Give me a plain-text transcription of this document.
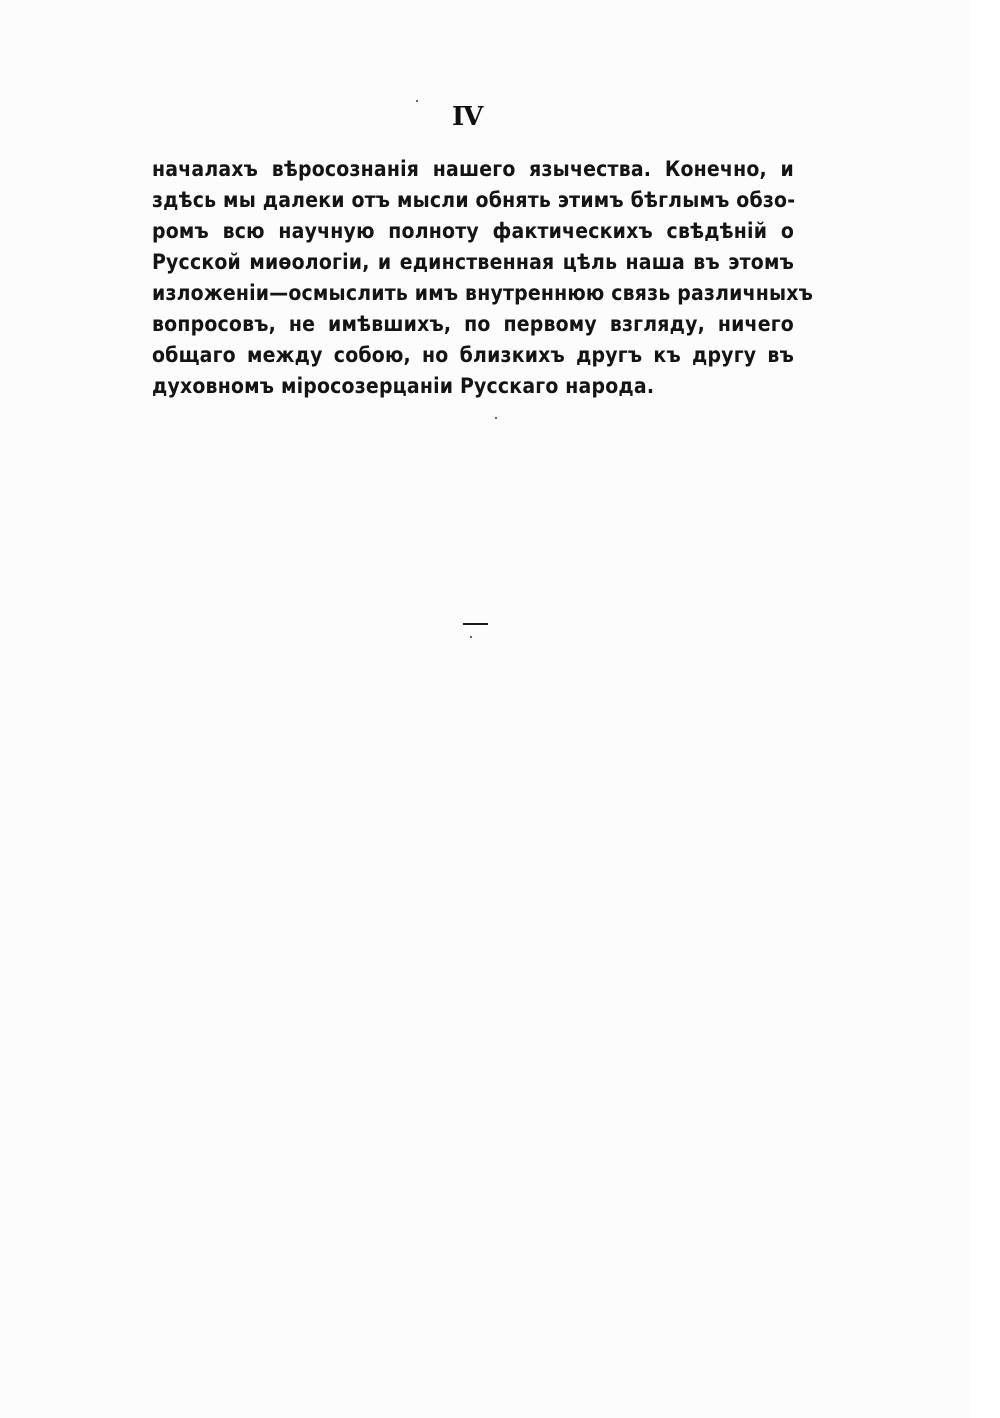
IV
началахъ вѣросознанія нашего язычества. Конечно, и
здѣсь мы далеки отъ мысли обнять этимъ бѣглымъ обзо-
ромъ всю научную полноту фактическихъ свѣдѣній о
Русской миѳологіи, и единственная цѣль наша въ этомъ
изложеніи—осмыслить имъ внутреннюю связь различныхъ
вопросовъ, не имѣвшихъ, по первому взгляду, ничего
общаго между собою, но близкихъ другъ къ другу въ
духовномъ міросозерцаніи Русскаго народа.
